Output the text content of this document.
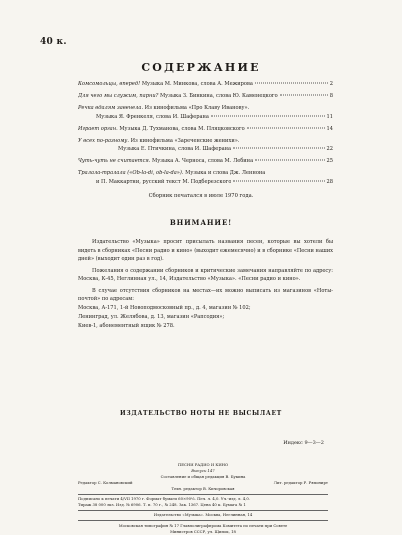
40 к.
СОДЕРЖАНИЕ
Комсомольцы, вперед! Музыка М. Минкова, слова А. Межирова	2
Для чего мы служим, парни? Музыка З. Бинкина, слова Ю. Каменецкого	8
Речка вдалям завенела. Из кинофильма «Про Клаву Иванову».
Музыка Я. Френкеля, слова И. Шаферана	11
Играет орган. Музыка Д. Тухманова, слова М. Пляцковского	14
У всех по-разному. Из кинофильма «Зареченские женихи».
Музыка Е. Птичкина, слова И. Шаферана	22
Чуть-чуть не считается. Музыка А. Черноса, слова М. Лебина	25
Тралала-тралала («Ob-la-di, ob-la-da»). Музыка и слова Дж. Леннона
и П. Маккартни, русский текст М. Подберезского	28
Сборник печатался в июле 1970 года.
ВНИМАНИЕ!

Издательство «Музыка» просит присылать названия песен, которые вы хотели бы видеть в сборниках «Песни радио и кино» (выходит ежемесячно) и в сборнике «Песни наших дней» (выходит один раз в год).

Пожелания о содержании сборников и критические замечания направляйте по адресу: Москва, К-45, Неглинная ул., 14, Издательство «Музыка». «Песни радио и кино».

В случае отсутствия сборников на местах—их можно выписать из магазинов «Ноты-почтой» по адресам:

Москва, А-171, 1-й Новоподмосковный пр., д. 4, магазин № 102;

Ленинград, ул. Желябова, д. 13, магазин «Рапсодия»;

Киев-1, абонементный ящик № 278.

ИЗДАТЕЛЬСТВО НОТЫ НЕ ВЫСЫЛАЕТ
Индекс 9—3—2
ПЕСНИ РАДИО И КИНО
Выпуск 147
Составление и общая редакция В. Букина
Редактор С. Колмановский	Лит. редактор Р. Ряпонирт
Техн. редактор В. Кичоровская
Подписано к печати 4/VII 1970 г. Формат бумаги 60×90⅛. Печ. л. 4,0. Уч.-изд. л. 4,0.
Тираж 38 000 экз. Изд. № 6906. Т. п. 70 г., № 248. Зак. 1367. Цена 40 к. Бумага № 1
Издательство «Музыка». Москва, Неглинная, 14
Московская типография № 17 Главполиграфпрома Комитета по печати при Совете
Министров СССР, ул. Щипок, 18
